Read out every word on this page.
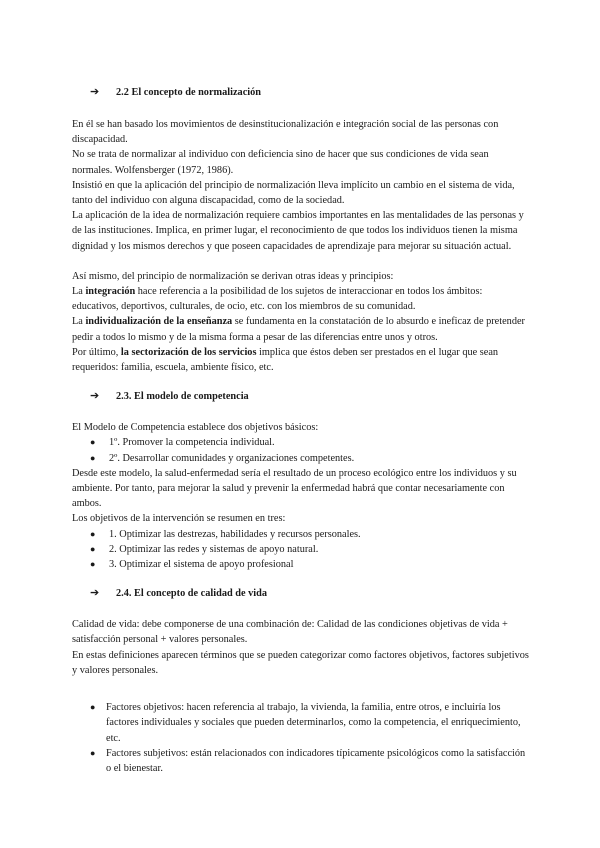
➔	2.2 El concepto de normalización

En él se han basado los movimientos de desinstitucionalización e integración social de las personas con discapacidad.

No se trata de normalizar al individuo con deficiencia sino de hacer que sus condiciones de vida sean normales. Wolfensberger (1972, 1986).

Insistió en que la aplicación del principio de normalización lleva implícito un cambio en el sistema de vida, tanto del individuo con alguna discapacidad, como de la sociedad.

La aplicación de la idea de normalización requiere cambios importantes en las mentalidades de las personas y de las instituciones. Implica, en primer lugar, el reconocimiento de que todos los individuos tienen la misma dignidad y los mismos derechos y que poseen capacidades de aprendizaje para mejorar su situación actual.

Así mismo, del principio de normalización se derivan otras ideas y principios:

La integración hace referencia a la posibilidad de los sujetos de interaccionar en todos los ámbitos: educativos, deportivos, culturales, de ocio, etc. con los miembros de su comunidad.

La individualización de la enseñanza se fundamenta en la constatación de lo absurdo e ineficaz de pretender pedir a todos lo mismo y de la misma forma a pesar de las diferencias entre unos y otros.

Por último, la sectorización de los servicios implica que éstos deben ser prestados en el lugar que sean requeridos: familia, escuela, ambiente físico, etc.

➔	2.3. El modelo de competencia

El Modelo de Competencia establece dos objetivos básicos:

● 1º. Promover la competencia individual.
● 2º. Desarrollar comunidades y organizaciones competentes.

Desde este modelo, la salud-enfermedad sería el resultado de un proceso ecológico entre los individuos y su ambiente. Por tanto, para mejorar la salud y prevenir la enfermedad habrá que contar necesariamente con ambos.

Los objetivos de la intervención se resumen en tres:

● 1. Optimizar las destrezas, habilidades y recursos personales.
● 2. Optimizar las redes y sistemas de apoyo natural.
● 3. Optimizar el sistema de apoyo profesional
➔	2.4. El concepto de calidad de vida

Calidad de vida: debe componerse de una combinación de: Calidad de las condiciones objetivas de vida + satisfacción personal + valores personales.

En estas definiciones aparecen términos que se pueden categorizar como factores objetivos, factores subjetivos y valores personales.

● Factores objetivos: hacen referencia al trabajo, la vivienda, la familia, entre otros, e incluiría los factores individuales y sociales que pueden determinarlos, como la competencia, el enriquecimiento, etc.
● Factores subjetivos: están relacionados con indicadores típicamente psicológicos como la satisfacción o el bienestar.
